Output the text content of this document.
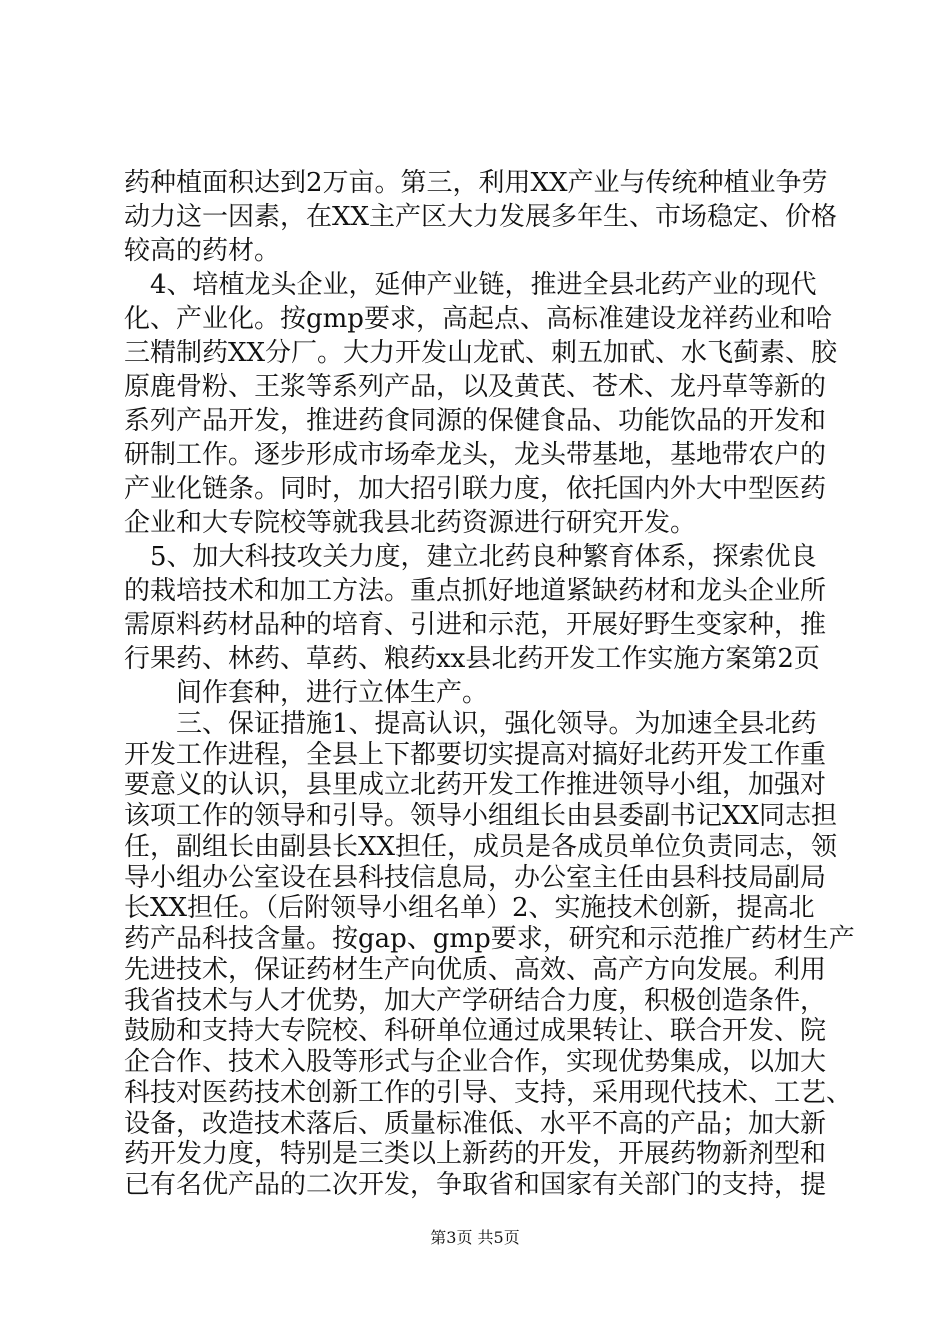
药种植面积达到2万亩。第三，利用XX产业与传统种植业争劳
动力这一因素，在XX主产区大力发展多年生、市场稳定、价格
较高的药材。
　4、培植龙头企业，延伸产业链，推进全县北药产业的现代
化、产业化。按gmp要求，高起点、高标准建设龙祥药业和哈
三精制药XX分厂。大力开发山龙甙、刺五加甙、水飞蓟素、胶
原鹿骨粉、王浆等系列产品，以及黄芪、苍术、龙丹草等新的
系列产品开发，推进药食同源的保健食品、功能饮品的开发和
研制工作。逐步形成市场牵龙头，龙头带基地，基地带农户的
产业化链条。同时，加大招引联力度，依托国内外大中型医药
企业和大专院校等就我县北药资源进行研究开发。
　5、加大科技攻关力度，建立北药良种繁育体系，探索优良
的栽培技术和加工方法。重点抓好地道紧缺药材和龙头企业所
需原料药材品种的培育、引进和示范，开展好野生变家种，推
行果药、林药、草药、粮药xx县北药开发工作实施方案第2页
　　间作套种，进行立体生产。
　　三、保证措施1、提高认识，强化领导。为加速全县北药
开发工作进程，全县上下都要切实提高对搞好北药开发工作重
要意义的认识，县里成立北药开发工作推进领导小组，加强对
该项工作的领导和引导。领导小组组长由县委副书记XX同志担
任，副组长由副县长XX担任，成员是各成员单位负责同志，领
导小组办公室设在县科技信息局，办公室主任由县科技局副局
长XX担任。（后附领导小组名单）2、实施技术创新，提高北
药产品科技含量。按gap、gmp要求，研究和示范推广药材生产
先进技术，保证药材生产向优质、高效、高产方向发展。利用
我省技术与人才优势，加大产学研结合力度，积极创造条件，
鼓励和支持大专院校、科研单位通过成果转让、联合开发、院
企合作、技术入股等形式与企业合作，实现优势集成，以加大
科技对医药技术创新工作的引导、支持，采用现代技术、工艺、
设备，改造技术落后、质量标准低、水平不高的产品；加大新
第3页 共5页
药开发力度，特别是三类以上新药的开发，开展药物新剂型和
已有名优产品的二次开发，争取省和国家有关部门的支持，提
